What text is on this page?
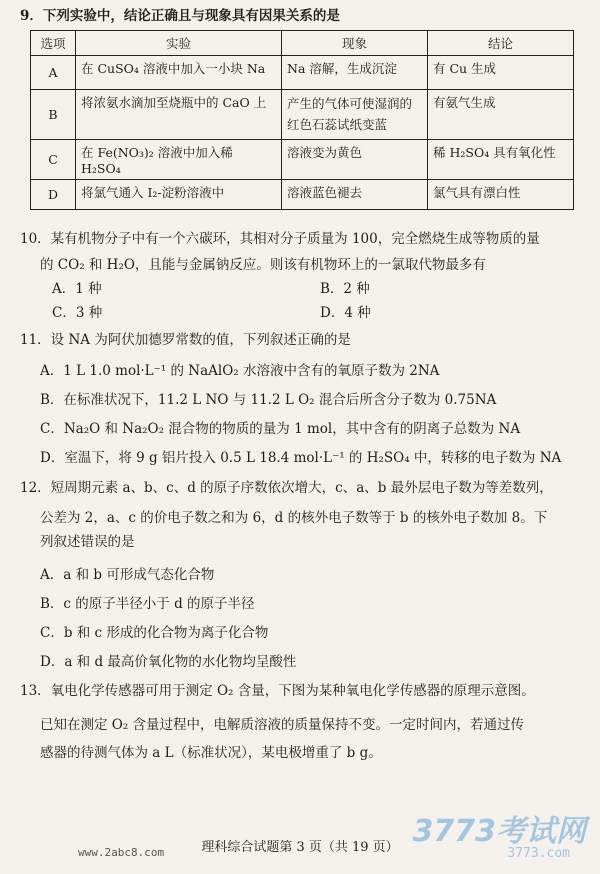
9．下列实验中，结论正确且与现象具有因果关系的是
选项	实验	现象	结论
A	在 CuSO₄ 溶液中加入一小块 Na	Na 溶解，生成沉淀	有 Cu 生成
B	将浓氨水滴加至烧瓶中的 CaO 上	产生的气体可使湿润的红色石蕊试纸变蓝	有氨气生成
C	在 Fe(NO₃)₂ 溶液中加入稀 H₂SO₄	溶液变为黄色	稀 H₂SO₄ 具有氧化性
D	将氯气通入 I₂-淀粉溶液中	溶液蓝色褪去	氯气具有漂白性
10．某有机物分子中有一个六碳环，其相对分子质量为 100，完全燃烧生成等物质的量
的 CO₂ 和 H₂O，且能与金属钠反应。则该有机物环上的一氯取代物最多有
A．1 种	B．2 种
C．3 种	D．4 种
11．设 NA 为阿伏加德罗常数的值，下列叙述正确的是
A．1 L 1.0 mol·L⁻¹ 的 NaAlO₂ 水溶液中含有的氧原子数为 2NA
B．在标准状况下，11.2 L NO 与 11.2 L O₂ 混合后所含分子数为 0.75NA
C．Na₂O 和 Na₂O₂ 混合物的物质的量为 1 mol，其中含有的阴离子总数为 NA
D．室温下，将 9 g 铝片投入 0.5 L 18.4 mol·L⁻¹ 的 H₂SO₄ 中，转移的电子数为 NA
12．短周期元素 a、b、c、d 的原子序数依次增大，c、a、b 最外层电子数为等差数列，
公差为 2，a、c 的价电子数之和为 6，d 的核外电子数等于 b 的核外电子数加 8。下
列叙述错误的是
A．a 和 b 可形成气态化合物
B．c 的原子半径小于 d 的原子半径
C．b 和 c 形成的化合物为离子化合物
D．a 和 d 最高价氧化物的水化物均呈酸性
13．氧电化学传感器可用于测定 O₂ 含量，下图为某种氧电化学传感器的原理示意图。
已知在测定 O₂ 含量过程中，电解质溶液的质量保持不变。一定时间内，若通过传
感器的待测气体为 a L（标准状况），某电极增重了 b g。
理科综合试题第 3 页（共 19 页）
www.2abc8.com
3773考试网
3773.com
